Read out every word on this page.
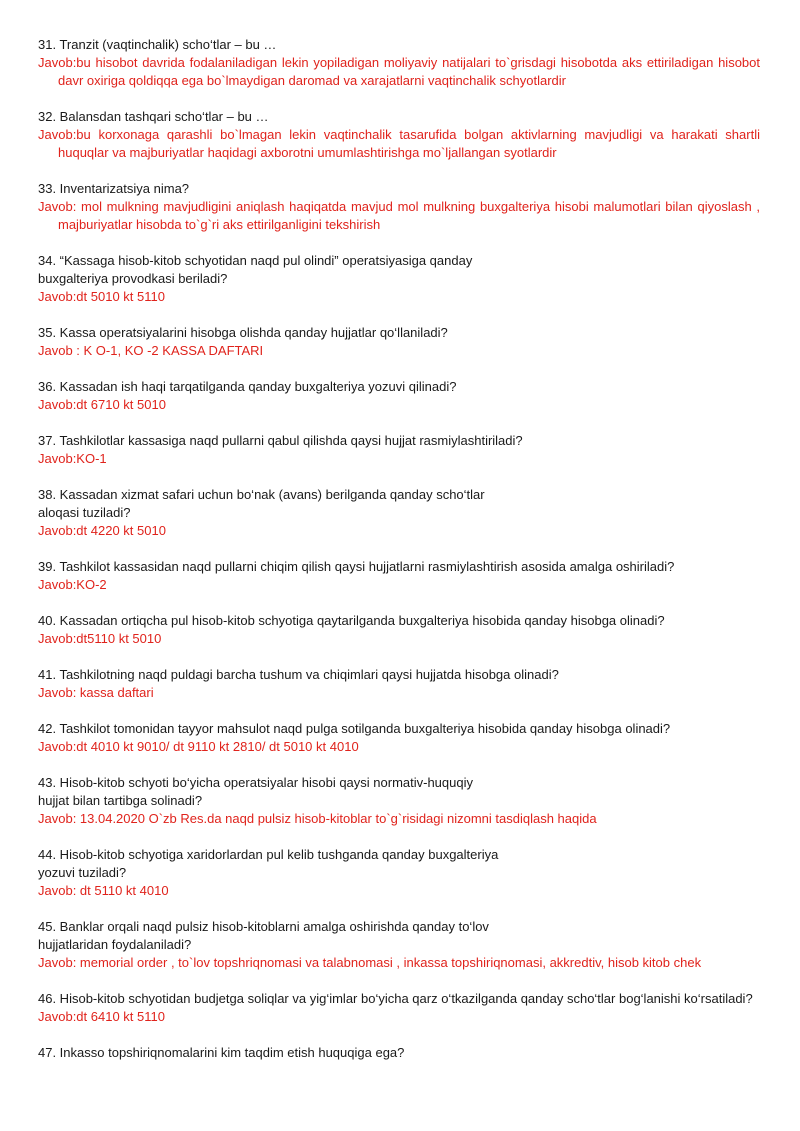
31. Tranzit (vaqtinchalik) scho‘tlar – bu …
Javob:bu hisobot davrida fodalaniladigan lekin yopiladigan moliyaviy natijalari to`grisdagi hisobotda aks ettiriladigan hisobot davr oxiriga qoldiqqa ega bo`lmaydigan daromad va xarajatlarni vaqtinchalik schyotlardir
32. Balansdan tashqari scho‘tlar – bu …
Javob:bu korxonaga qarashli bo`lmagan lekin vaqtinchalik tasarufida bolgan aktivlarning mavjudligi va harakati shartli huquqlar va majburiyatlar haqidagi axborotni umumlashtirishga mo`ljallangan syotlardir
33. Inventarizatsiya nima?
Javob: mol mulkning mavjudligini aniqlash haqiqatda mavjud mol mulkning buxgalteriya hisobi malumotlari bilan qiyoslash , majburiyatlar hisobda to`g`ri aks ettirilganligini tekshirish
34. “Kassaga hisob-kitob schyotidan naqd pul olindi” operatsiyasiga qanday
buxgalteriya provodkasi beriladi?
Javob:dt 5010 kt 5110
35. Kassa operatsiyalarini hisobga olishda qanday hujjatlar qo‘llaniladi?
Javob : K O-1, KO -2 KASSA DAFTARI
36. Kassadan ish haqi tarqatilganda qanday buxgalteriya yozuvi qilinadi?
Javob:dt 6710 kt 5010
37. Tashkilotlar kassasiga naqd pullarni qabul qilishda qaysi hujjat rasmiylashtiriladi?
Javob:KO-1
38. Kassadan xizmat safari uchun bo‘nak (avans) berilganda qanday scho‘tlar
aloqasi tuziladi?
Javob:dt 4220 kt 5010
39. Tashkilot kassasidan naqd pullarni chiqim qilish qaysi hujjatlarni rasmiylashtirish asosida amalga oshiriladi?
Javob:KO-2
40. Kassadan ortiqcha pul hisob-kitob schyotiga qaytarilganda buxgalteriya hisobida qanday hisobga olinadi?
Javob:dt5110 kt 5010
41. Tashkilotning naqd puldagi barcha tushum va chiqimlari qaysi hujjatda hisobga olinadi?
Javob: kassa daftari
42. Tashkilot tomonidan tayyor mahsulot naqd pulga sotilganda buxgalteriya hisobida qanday hisobga olinadi?
Javob:dt 4010 kt 9010/ dt 9110 kt 2810/ dt 5010 kt 4010
43. Hisob-kitob schyoti bo‘yicha operatsiyalar hisobi qaysi normativ-huquqiy
hujjat bilan tartibga solinadi?
Javob: 13.04.2020 O`zb Res.da naqd pulsiz hisob-kitoblar to`g`risidagi nizomni tasdiqlash haqida
44. Hisob-kitob schyotiga xaridorlardan pul kelib tushganda qanday buxgalteriya
yozuvi tuziladi?
Javob: dt 5110 kt 4010
45. Banklar orqali naqd pulsiz hisob-kitoblarni amalga oshirishda qanday to‘lov
hujjatlaridan foydalaniladi?
Javob: memorial order , to`lov topshriqnomasi va talabnomasi , inkassa topshiriqnomasi, akkredtiv, hisob kitob chek
46. Hisob-kitob schyotidan budjetga soliqlar va yig‘imlar bo‘yicha qarz o‘tkazilganda qanday scho‘tlar bog‘lanishi ko‘rsatiladi?
Javob:dt 6410 kt 5110
47. Inkasso topshiriqnomalarini kim taqdim etish huquqiga ega?
